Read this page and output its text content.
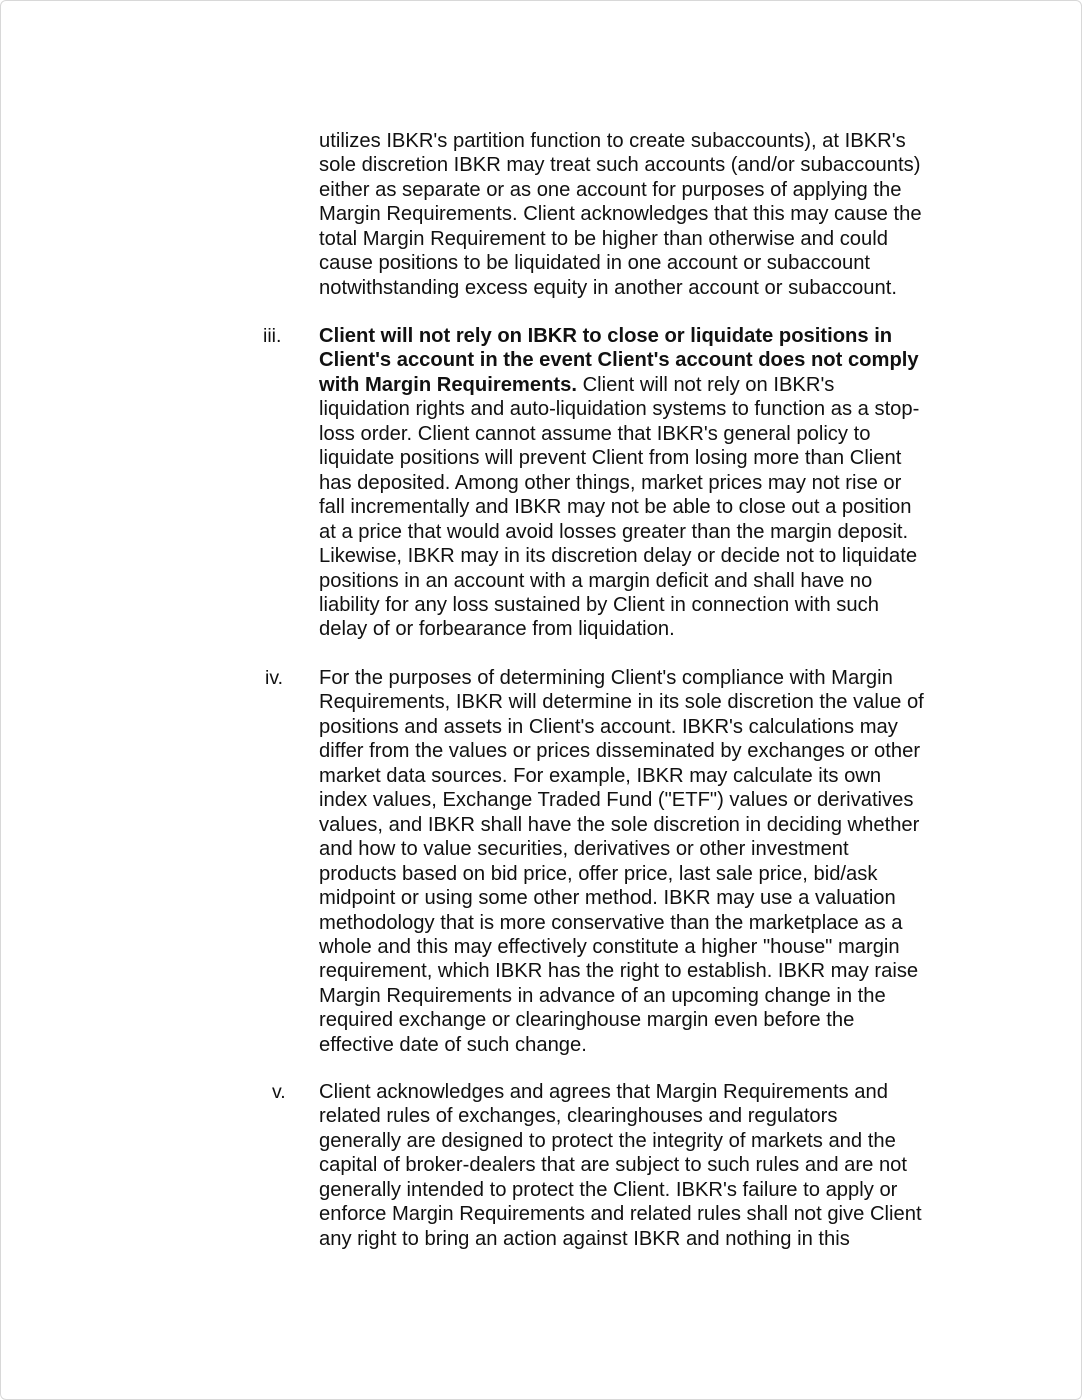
utilizes IBKR's partition function to create subaccounts), at IBKR's
sole discretion IBKR may treat such accounts (and/or subaccounts)
either as separate or as one account for purposes of applying the
Margin Requirements. Client acknowledges that this may cause the
total Margin Requirement to be higher than otherwise and could
cause positions to be liquidated in one account or subaccount
notwithstanding excess equity in another account or subaccount.
iii. Client will not rely on IBKR to close or liquidate positions in
Client's account in the event Client's account does not comply
with Margin Requirements. Client will not rely on IBKR's
liquidation rights and auto-liquidation systems to function as a stop-
loss order. Client cannot assume that IBKR's general policy to
liquidate positions will prevent Client from losing more than Client
has deposited. Among other things, market prices may not rise or
fall incrementally and IBKR may not be able to close out a position
at a price that would avoid losses greater than the margin deposit.
Likewise, IBKR may in its discretion delay or decide not to liquidate
positions in an account with a margin deficit and shall have no
liability for any loss sustained by Client in connection with such
delay of or forbearance from liquidation.
iv. For the purposes of determining Client's compliance with Margin
Requirements, IBKR will determine in its sole discretion the value of
positions and assets in Client's account. IBKR's calculations may
differ from the values or prices disseminated by exchanges or other
market data sources. For example, IBKR may calculate its own
index values, Exchange Traded Fund ("ETF") values or derivatives
values, and IBKR shall have the sole discretion in deciding whether
and how to value securities, derivatives or other investment
products based on bid price, offer price, last sale price, bid/ask
midpoint or using some other method. IBKR may use a valuation
methodology that is more conservative than the marketplace as a
whole and this may effectively constitute a higher "house" margin
requirement, which IBKR has the right to establish. IBKR may raise
Margin Requirements in advance of an upcoming change in the
required exchange or clearinghouse margin even before the
effective date of such change.
v. Client acknowledges and agrees that Margin Requirements and
related rules of exchanges, clearinghouses and regulators
generally are designed to protect the integrity of markets and the
capital of broker-dealers that are subject to such rules and are not
generally intended to protect the Client. IBKR's failure to apply or
enforce Margin Requirements and related rules shall not give Client
any right to bring an action against IBKR and nothing in this
